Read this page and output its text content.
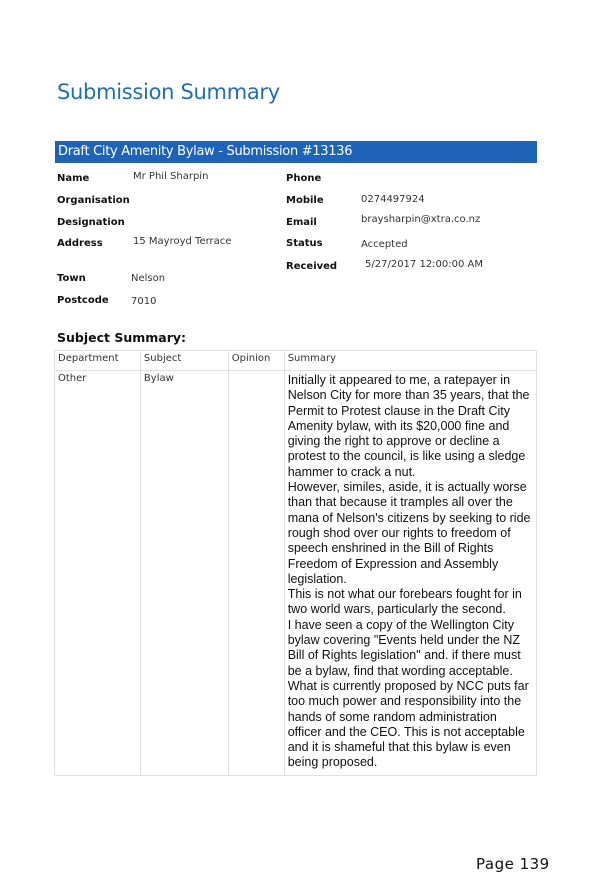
Submission Summary
Draft City Amenity Bylaw - Submission #13136
Name	Mr Phil Sharpin
Organisation
Designation
Address	15 Mayroyd Terrace
Town	Nelson
Postcode 7010
Phone
Mobile	0274497924
Email	braysharpin@xtra.co.nz
Status	Accepted
Received	5/27/2017 12:00:00 AM
Subject Summary:
Department	Subject	Opinion	Summary
Other	Bylaw		Initially it appeared to me, a ratepayer in Nelson City for more than 35 years, that the Permit to Protest clause in the Draft City Amenity bylaw, with its $20,000 fine and giving the right to approve or decline a protest to the council, is like using a sledge hammer to crack a nut.
However, similes, aside, it is actually worse than that because it tramples all over the mana of Nelson's citizens by seeking to ride rough shod over our rights to freedom of speech enshrined in the Bill of Rights Freedom of Expression and Assembly legislation.
This is not what our forebears fought for in two world wars, particularly the second.
I have seen a copy of the Wellington City bylaw covering "Events held under the NZ Bill of Rights legislation" and. if there must be a bylaw, find that wording acceptable.
What is currently proposed by NCC puts far too much power and responsibility into the hands of some random administration officer and the CEO. This is not acceptable and it is shameful that this bylaw is even being proposed.
Page 139
